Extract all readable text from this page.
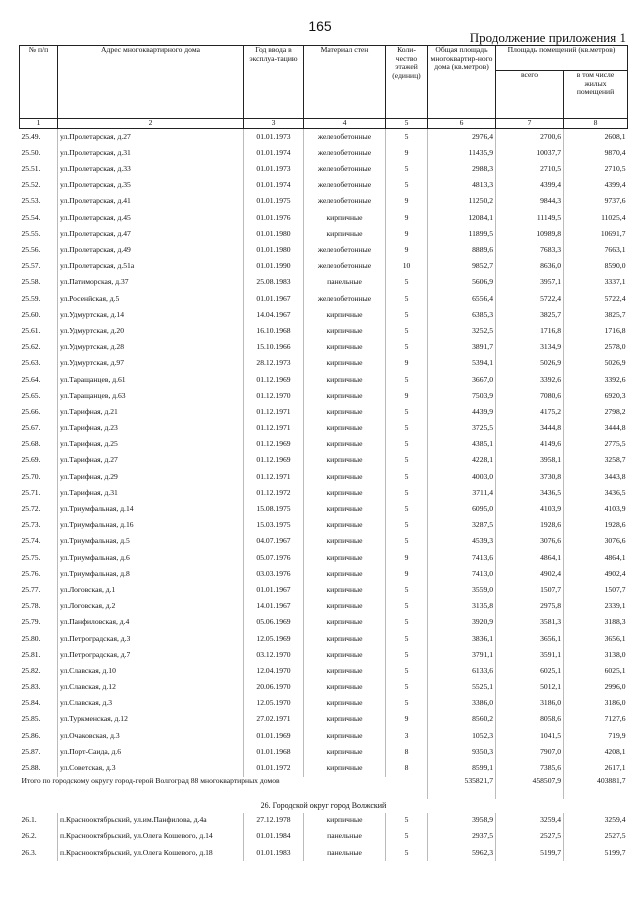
165
Продолжение приложения 1
№ п/п	Адрес многоквартирного дома	Год ввода в эксплуа-тацию	Материал стен	Коли-чество этажей (единиц)	Общая площадь многоквартир-ного дома (кв.метров)	Площадь помещений (кв.метров)	
						всего	в том числе жилых помещений
1	2	3	4	5	6	7	8
25.49.	ул.Пролетарская, д.27	01.01.1973	железобетонные	5	2976,4	2700,6	2608,1
25.50.	ул.Пролетарская, д.31	01.01.1974	железобетонные	9	11435,9	10037,7	9870,4
25.51.	ул.Пролетарская, д.33	01.01.1973	железобетонные	5	2988,3	2710,5	2710,5
25.52.	ул.Пролетарская, д.35	01.01.1974	железобетонные	5	4813,3	4399,4	4399,4
25.53.	ул.Пролетарская, д.41	01.01.1975	железобетонные	9	11250,2	9844,3	9737,6
25.54.	ул.Пролетарская, д.45	01.01.1976	кирпичные	9	12084,1	11149,5	11025,4
25.55.	ул.Пролетарская, д.47	01.01.1980	кирпичные	9	11899,5	10989,8	10691,7
25.56.	ул.Пролетарская, д.49	01.01.1980	железобетонные	9	8889,6	7683,3	7663,1
25.57.	ул.Пролетарская, д.51а	01.01.1990	железобетонные	10	9852,7	8636,0	8590,0
25.58.	ул.Патиморская, д.37	25.08.1983	панельные	5	5606,9	3957,1	3337,1
25.59.	ул.Росенйская, д.5	01.01.1967	железобетонные	5	6556,4	5722,4	5722,4
25.60.	ул.Удмуртская, д.14	14.04.1967	кирпичные	5	6385,3	3825,7	3825,7
25.61.	ул.Удмуртская, д.20	16.10.1968	кирпичные	5	3252,5	1716,8	1716,8
25.62.	ул.Удмуртская, д.28	15.10.1966	кирпичные	5	3891,7	3134,9	2578,0
25.63.	ул.Удмуртская, д.97	28.12.1973	кирпичные	9	5394,1	5026,9	5026,9
25.64.	ул.Таращанцев, д.61	01.12.1969	кирпичные	5	3667,0	3392,6	3392,6
25.65.	ул.Таращанцев, д.63	01.12.1970	кирпичные	9	7503,9	7080,6	6920,3
25.66.	ул.Тарифная, д.21	01.12.1971	кирпичные	5	4439,9	4175,2	2798,2
25.67.	ул.Тарифная, д.23	01.12.1971	кирпичные	5	3725,5	3444,8	3444,8
25.68.	ул.Тарифная, д.25	01.12.1969	кирпичные	5	4385,1	4149,6	2775,5
25.69.	ул.Тарифная, д.27	01.12.1969	кирпичные	5	4228,1	3958,1	3258,7
25.70.	ул.Тарифная, д.29	01.12.1971	кирпичные	5	4003,0	3730,8	3443,8
25.71.	ул.Тарифная, д.31	01.12.1972	кирпичные	5	3711,4	3436,5	3436,5
25.72.	ул.Триумфальная, д.14	15.08.1975	кирпичные	5	6095,0	4103,9	4103,9
25.73.	ул.Триумфальная, д.16	15.03.1975	кирпичные	5	3287,5	1928,6	1928,6
25.74.	ул.Триумфальная, д.5	04.07.1967	кирпичные	5	4539,3	3076,6	3076,6
25.75.	ул.Триумфальная, д.6	05.07.1976	кирпичные	9	7413,6	4864,1	4864,1
25.76.	ул.Триумфальная, д.8	03.03.1976	кирпичные	9	7413,0	4902,4	4902,4
25.77.	ул.Логовская, д.1	01.01.1967	кирпичные	5	3559,0	1507,7	1507,7
25.78.	ул.Логовская, д.2	14.01.1967	кирпичные	5	3135,8	2975,8	2339,1
25.79.	ул.Панфиловская, д.4	05.06.1969	кирпичные	5	3920,9	3581,3	3188,3
25.80.	ул.Петроградская, д.3	12.05.1969	кирпичные	5	3836,1	3656,1	3656,1
25.81.	ул.Петроградская, д.7	03.12.1970	кирпичные	5	3791,1	3591,1	3138,0
25.82.	ул.Славская, д.10	12.04.1970	кирпичные	5	6133,6	6025,1	6025,1
25.83.	ул.Славская, д.12	20.06.1970	кирпичные	5	5525,1	5012,1	2996,0
25.84.	ул.Славская, д.3	12.05.1970	кирпичные	5	3386,0	3186,0	3186,0
25.85.	ул.Туркменская, д.12	27.02.1971	кирпичные	9	8560,2	8058,6	7127,6
25.86.	ул.Очаковская, д.3	01.01.1969	кирпичные	3	1052,3	1041,5	719,9
25.87.	ул.Порт-Саида, д.6	01.01.1968	кирпичные	8	9350,3	7907,0	4208,1
25.88.	ул.Советская, д.3	01.01.1972	кирпичные	8	8599,1	7385,6	2617,1
Итого по городскому округу город-герой Волгоград 88 многоквартирных домов					535821,7	458507,9	403881,7
26. Городской округ город Волжский							
26.1.	п.Краснооктябрьский, ул.им.Панфилова, д.4а	27.12.1978	кирпичные	5	3958,9	3259,4	3259,4
26.2.	п.Краснооктябрьский, ул.Олега Кошевого, д.14	01.01.1984	панельные	5	2937,5	2527,5	2527,5
26.3.	п.Краснооктябрьский, ул.Олега Кошевого, д.18	01.01.1983	панельные	5	5962,3	5199,7	5199,7
